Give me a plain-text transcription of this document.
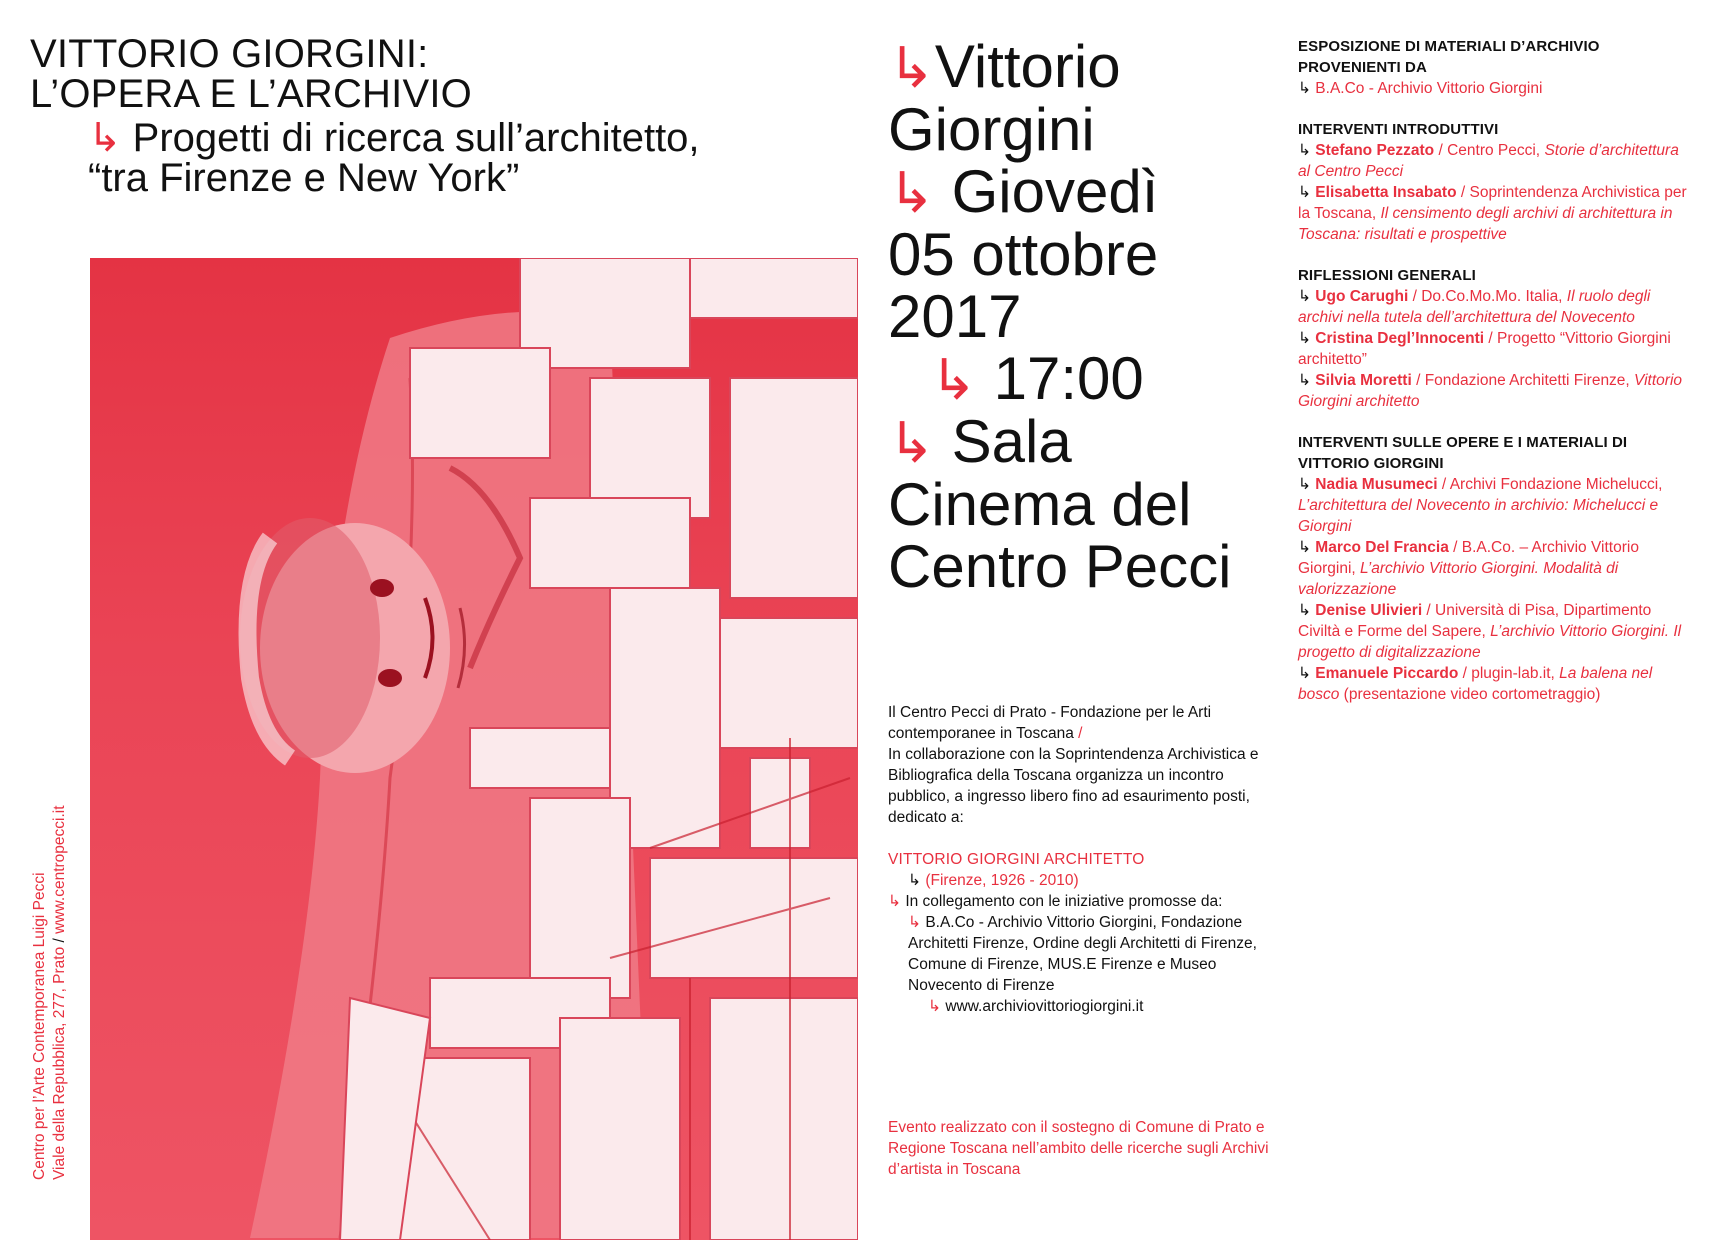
VITTORIO GIORGINI:
L’OPERA E L’ARCHIVIO
↳ Progetti di ricerca sull’architetto,
“tra Firenze e New York”
Centro per l’Arte Contemporanea Luigi Pecci Viale della Repubblica, 277, Prato / www.centropecci.it
↳Vittorio
Giorgini
↳ Giovedì
05 ottobre
2017
↳ 17:00
↳ Sala
Cinema del
Centro Pecci

Il Centro Pecci di Prato - Fondazione per le Arti contemporanee in Toscana /

In collaborazione con la Soprintendenza Archivistica e Bibliografica della Toscana organizza un incontro pubblico, a ingresso libero fino ad esaurimento posti, dedicato a:

VITTORIO GIORGINI ARCHITETTO

↳ (Firenze, 1926 - 2010)

↳ In collegamento con le iniziative promosse da:

↳ B.A.Co - Archivio Vittorio Giorgini, Fondazione Architetti Firenze, Ordine degli Architetti di Firenze, Comune di Firenze, MUS.E Firenze e Museo Novecento di Firenze

↳ www.archiviovittoriogiorgini.it

Evento realizzato con il sostegno di Comune di Prato e Regione Toscana nell’ambito delle ricerche sugli Archivi d’artista in Toscana
ESPOSIZIONE DI MATERIALI D’ARCHIVIO PROVENIENTI DA
↳ B.A.Co - Archivio Vittorio Giorgini
INTERVENTI INTRODUTTIVI
↳ Stefano Pezzato / Centro Pecci, Storie d’architettura al Centro Pecci
↳ Elisabetta Insabato / Soprintendenza Archivistica per la Toscana, Il censimento degli archivi di architettura in Toscana: risultati e prospettive
RIFLESSIONI GENERALI
↳ Ugo Carughi / Do.Co.Mo.Mo. Italia, Il ruolo degli archivi nella tutela dell’architettura del Novecento
↳ Cristina Degl’Innocenti / Progetto “Vittorio Giorgini architetto”
↳ Silvia Moretti / Fondazione Architetti Firenze, Vittorio Giorgini architetto
INTERVENTI SULLE OPERE E I MATERIALI DI VITTORIO GIORGINI
↳ Nadia Musumeci / Archivi Fondazione Michelucci, L’architettura del Novecento in archivio: Michelucci e Giorgini
↳ Marco Del Francia / B.A.Co. – Archivio Vittorio Giorgini, L’archivio Vittorio Giorgini. Modalità di valorizzazione
↳ Denise Ulivieri / Università di Pisa, Dipartimento Civiltà e Forme del Sapere, L’archivio Vittorio Giorgini. Il progetto di digitalizzazione
↳ Emanuele Piccardo / plugin-lab.it, La balena nel bosco (presentazione video cortometraggio)
